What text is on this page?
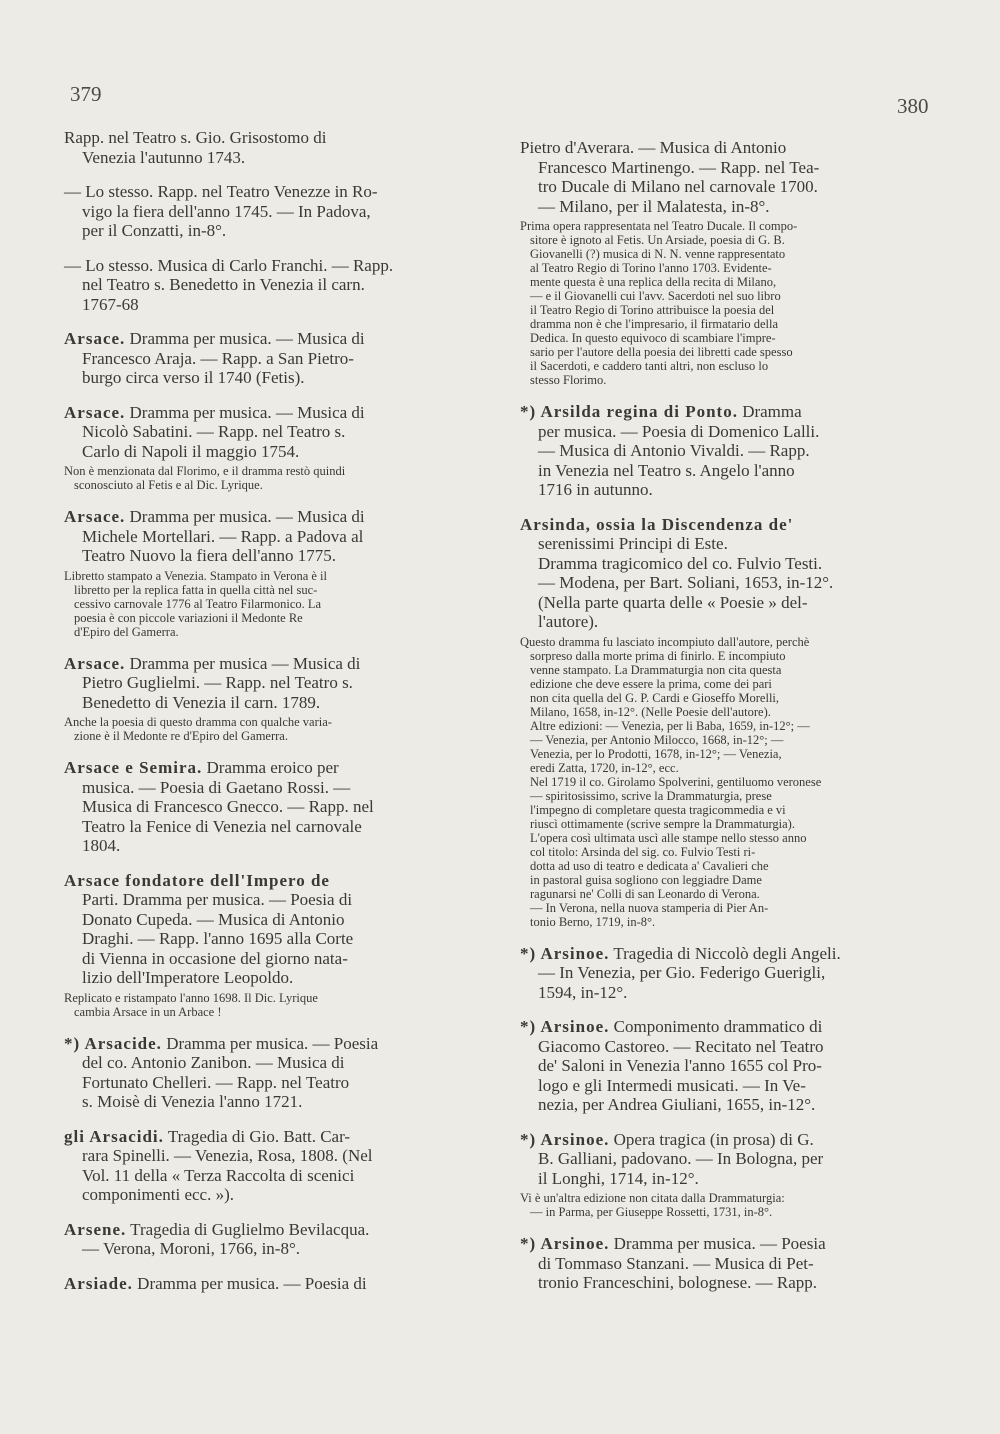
379	380
Rapp. nel Teatro s. Gio. Grisostomo di
Venezia l'autunno 1743.
— Lo stesso. Rapp. nel Teatro Venezze in Ro-
vigo la fiera dell'anno 1745. — In Padova,
per il Conzatti, in-8°.
— Lo stesso. Musica di Carlo Franchi. — Rapp.
nel Teatro s. Benedetto in Venezia il carn.
1767-68
Arsace. Dramma per musica. — Musica di
Francesco Araja. — Rapp. a San Pietro-
burgo circa verso il 1740 (Fetis).
Arsace. Dramma per musica. — Musica di
Nicolò Sabatini. — Rapp. nel Teatro s.
Carlo di Napoli il maggio 1754.
Non è menzionata dal Florimo, e il dramma restò quindi
sconosciuto al Fetis e al Dic. Lyrique.
Arsace. Dramma per musica. — Musica di
Michele Mortellari. — Rapp. a Padova al
Teatro Nuovo la fiera dell'anno 1775.
Libretto stampato a Venezia. Stampato in Verona è il
libretto per la replica fatta in quella città nel suc-
cessivo carnovale 1776 al Teatro Filarmonico. La
poesia è con piccole variazioni il Medonte Re
d'Epiro del Gamerra.
Arsace. Dramma per musica — Musica di
Pietro Guglielmi. — Rapp. nel Teatro s.
Benedetto di Venezia il carn. 1789.
Anche la poesia di questo dramma con qualche varia-
zione è il Medonte re d'Epiro del Gamerra.
Arsace e Semira. Dramma eroico per
musica. — Poesia di Gaetano Rossi. —
Musica di Francesco Gnecco. — Rapp. nel
Teatro la Fenice di Venezia nel carnovale
1804.
Arsace fondatore dell'Impero de
Parti. Dramma per musica. — Poesia di
Donato Cupeda. — Musica di Antonio
Draghi. — Rapp. l'anno 1695 alla Corte
di Vienna in occasione del giorno nata-
lizio dell'Imperatore Leopoldo.
Replicato e ristampato l'anno 1698. Il Dic. Lyrique
cambia Arsace in un Arbace !
*) Arsacide. Dramma per musica. — Poesia
del co. Antonio Zanibon. — Musica di
Fortunato Chelleri. — Rapp. nel Teatro
s. Moisè di Venezia l'anno 1721.
gli Arsacidi. Tragedia di Gio. Batt. Car-
rara Spinelli. — Venezia, Rosa, 1808. (Nel
Vol. 11 della « Terza Raccolta di scenici
componimenti ecc. »).
Arsene. Tragedia di Guglielmo Bevilacqua.
— Verona, Moroni, 1766, in-8°.
Arsiade. Dramma per musica. — Poesia di
Pietro d'Averara. — Musica di Antonio
Francesco Martinengo. — Rapp. nel Tea-
tro Ducale di Milano nel carnovale 1700.
— Milano, per il Malatesta, in-8°.
Prima opera rappresentata nel Teatro Ducale. Il compo-
sitore è ignoto al Fetis. Un Arsiade, poesia di G. B.
Giovanelli (?) musica di N. N. venne rappresentato
al Teatro Regio di Torino l'anno 1703. Evidente-
mente questa è una replica della recita di Milano,
— e il Giovanelli cui l'avv. Sacerdoti nel suo libro
il Teatro Regio di Torino attribuisce la poesia del
dramma non è che l'impresario, il firmatario della
Dedica. In questo equivoco di scambiare l'impre-
sario per l'autore della poesia dei libretti cade spesso
il Sacerdoti, e caddero tanti altri, non escluso lo
stesso Florimo.
*) Arsilda regina di Ponto. Dramma
per musica. — Poesia di Domenico Lalli.
— Musica di Antonio Vivaldi. — Rapp.
in Venezia nel Teatro s. Angelo l'anno
1716 in autunno.
Arsinda, ossia la Discendenza de'
serenissimi Principi di Este.
Dramma tragicomico del co. Fulvio Testi.
— Modena, per Bart. Soliani, 1653, in-12°.
(Nella parte quarta delle « Poesie » del-
l'autore).
Questo dramma fu lasciato incompiuto dall'autore, perchè
sorpreso dalla morte prima di finirlo. E incompiuto
venne stampato. La Drammaturgia non cita questa
edizione che deve essere la prima, come dei pari
non cita quella del G. P. Cardi e Gioseffo Morelli,
Milano, 1658, in-12°. (Nelle Poesie dell'autore).
Altre edizioni: — Venezia, per li Baba, 1659, in-12°; —
— Venezia, per Antonio Milocco, 1668, in-12°; —
Venezia, per lo Prodotti, 1678, in-12°; — Venezia,
eredi Zatta, 1720, in-12°, ecc.
Nel 1719 il co. Girolamo Spolverini, gentiluomo veronese
— spiritosissimo, scrive la Drammaturgia, prese
l'impegno di completare questa tragicommedia e vi
riuscì ottimamente (scrive sempre la Drammaturgia).
L'opera così ultimata uscì alle stampe nello stesso anno
col titolo: Arsinda del sig. co. Fulvio Testi ri-
dotta ad uso di teatro e dedicata a' Cavalieri che
in pastoral guisa sogliono con leggiadre Dame
ragunarsi ne' Colli di san Leonardo di Verona.
— In Verona, nella nuova stamperia di Pier An-
tonio Berno, 1719, in-8°.
*) Arsinoe. Tragedia di Niccolò degli Angeli.
— In Venezia, per Gio. Federigo Guerigli,
1594, in-12°.
*) Arsinoe. Componimento drammatico di
Giacomo Castoreo. — Recitato nel Teatro
de' Saloni in Venezia l'anno 1655 col Pro-
logo e gli Intermedi musicati. — In Ve-
nezia, per Andrea Giuliani, 1655, in-12°.
*) Arsinoe. Opera tragica (in prosa) di G.
B. Galliani, padovano. — In Bologna, per
il Longhi, 1714, in-12°.
Vi è un'altra edizione non citata dalla Drammaturgia:
— in Parma, per Giuseppe Rossetti, 1731, in-8°.
*) Arsinoe. Dramma per musica. — Poesia
di Tommaso Stanzani. — Musica di Pet-
tronio Franceschini, bolognese. — Rapp.
